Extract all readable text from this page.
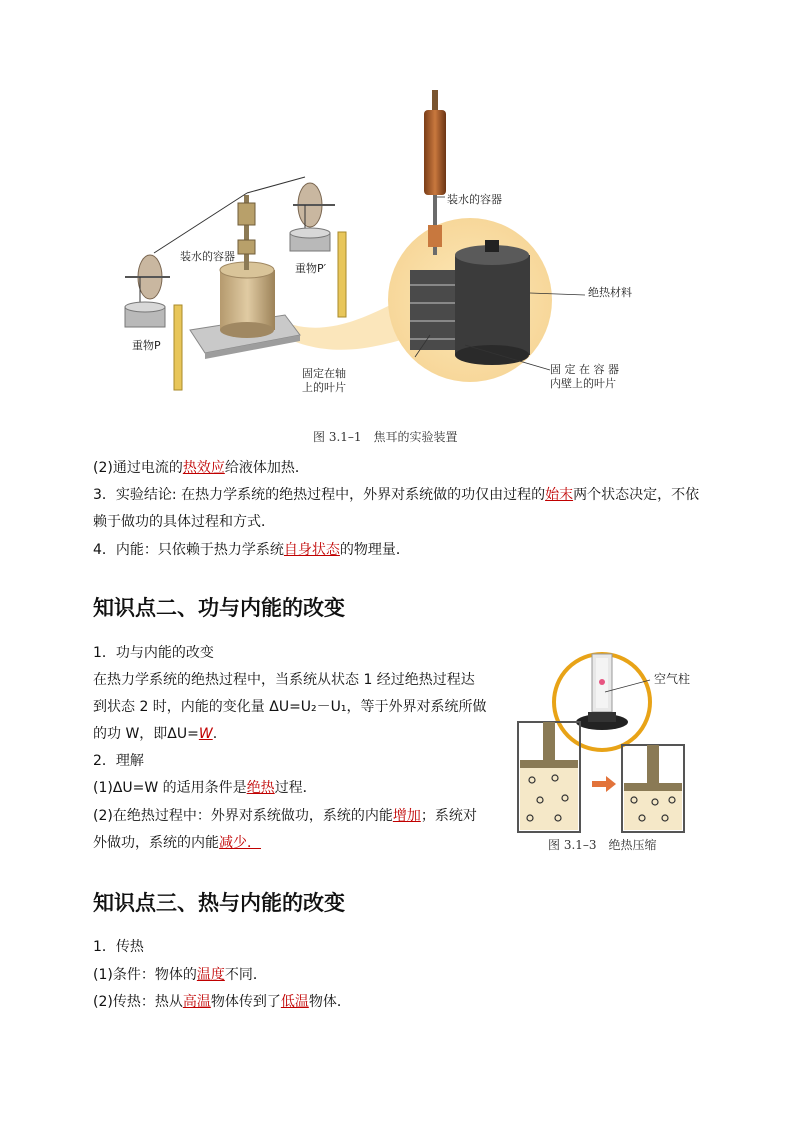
装水的容器
重物P′
重物P
装水的容器
绝热材料
固定在轴
上的叶片
固 定 在 容 器
内壁上的叶片
图 3.1–1　焦耳的实验装置
(2)通过电流的热效应给液体加热．
3．实验结论: 在热力学系统的绝热过程中，外界对系统做的功仅由过程的始末两个状态决定，不依
赖于做功的具体过程和方式．
4．内能：只依赖于热力学系统自身状态的物理量．
知识点二、功与内能的改变
1．功与内能的改变
在热力学系统的绝热过程中，当系统从状态 1 经过绝热过程达
到状态 2 时，内能的变化量 ΔU=U₂－U₁，等于外界对系统所做
的功 W，即ΔU=W.
2．理解
(1)ΔU=W 的适用条件是绝热过程．
(2)在绝热过程中：外界对系统做功，系统的内能增加；系统对
外做功，系统的内能减少．
空气柱
图 3.1–3　绝热压缩
知识点三、热与内能的改变
1．传热
(1)条件：物体的温度不同．
(2)传热：热从高温物体传到了低温物体．
